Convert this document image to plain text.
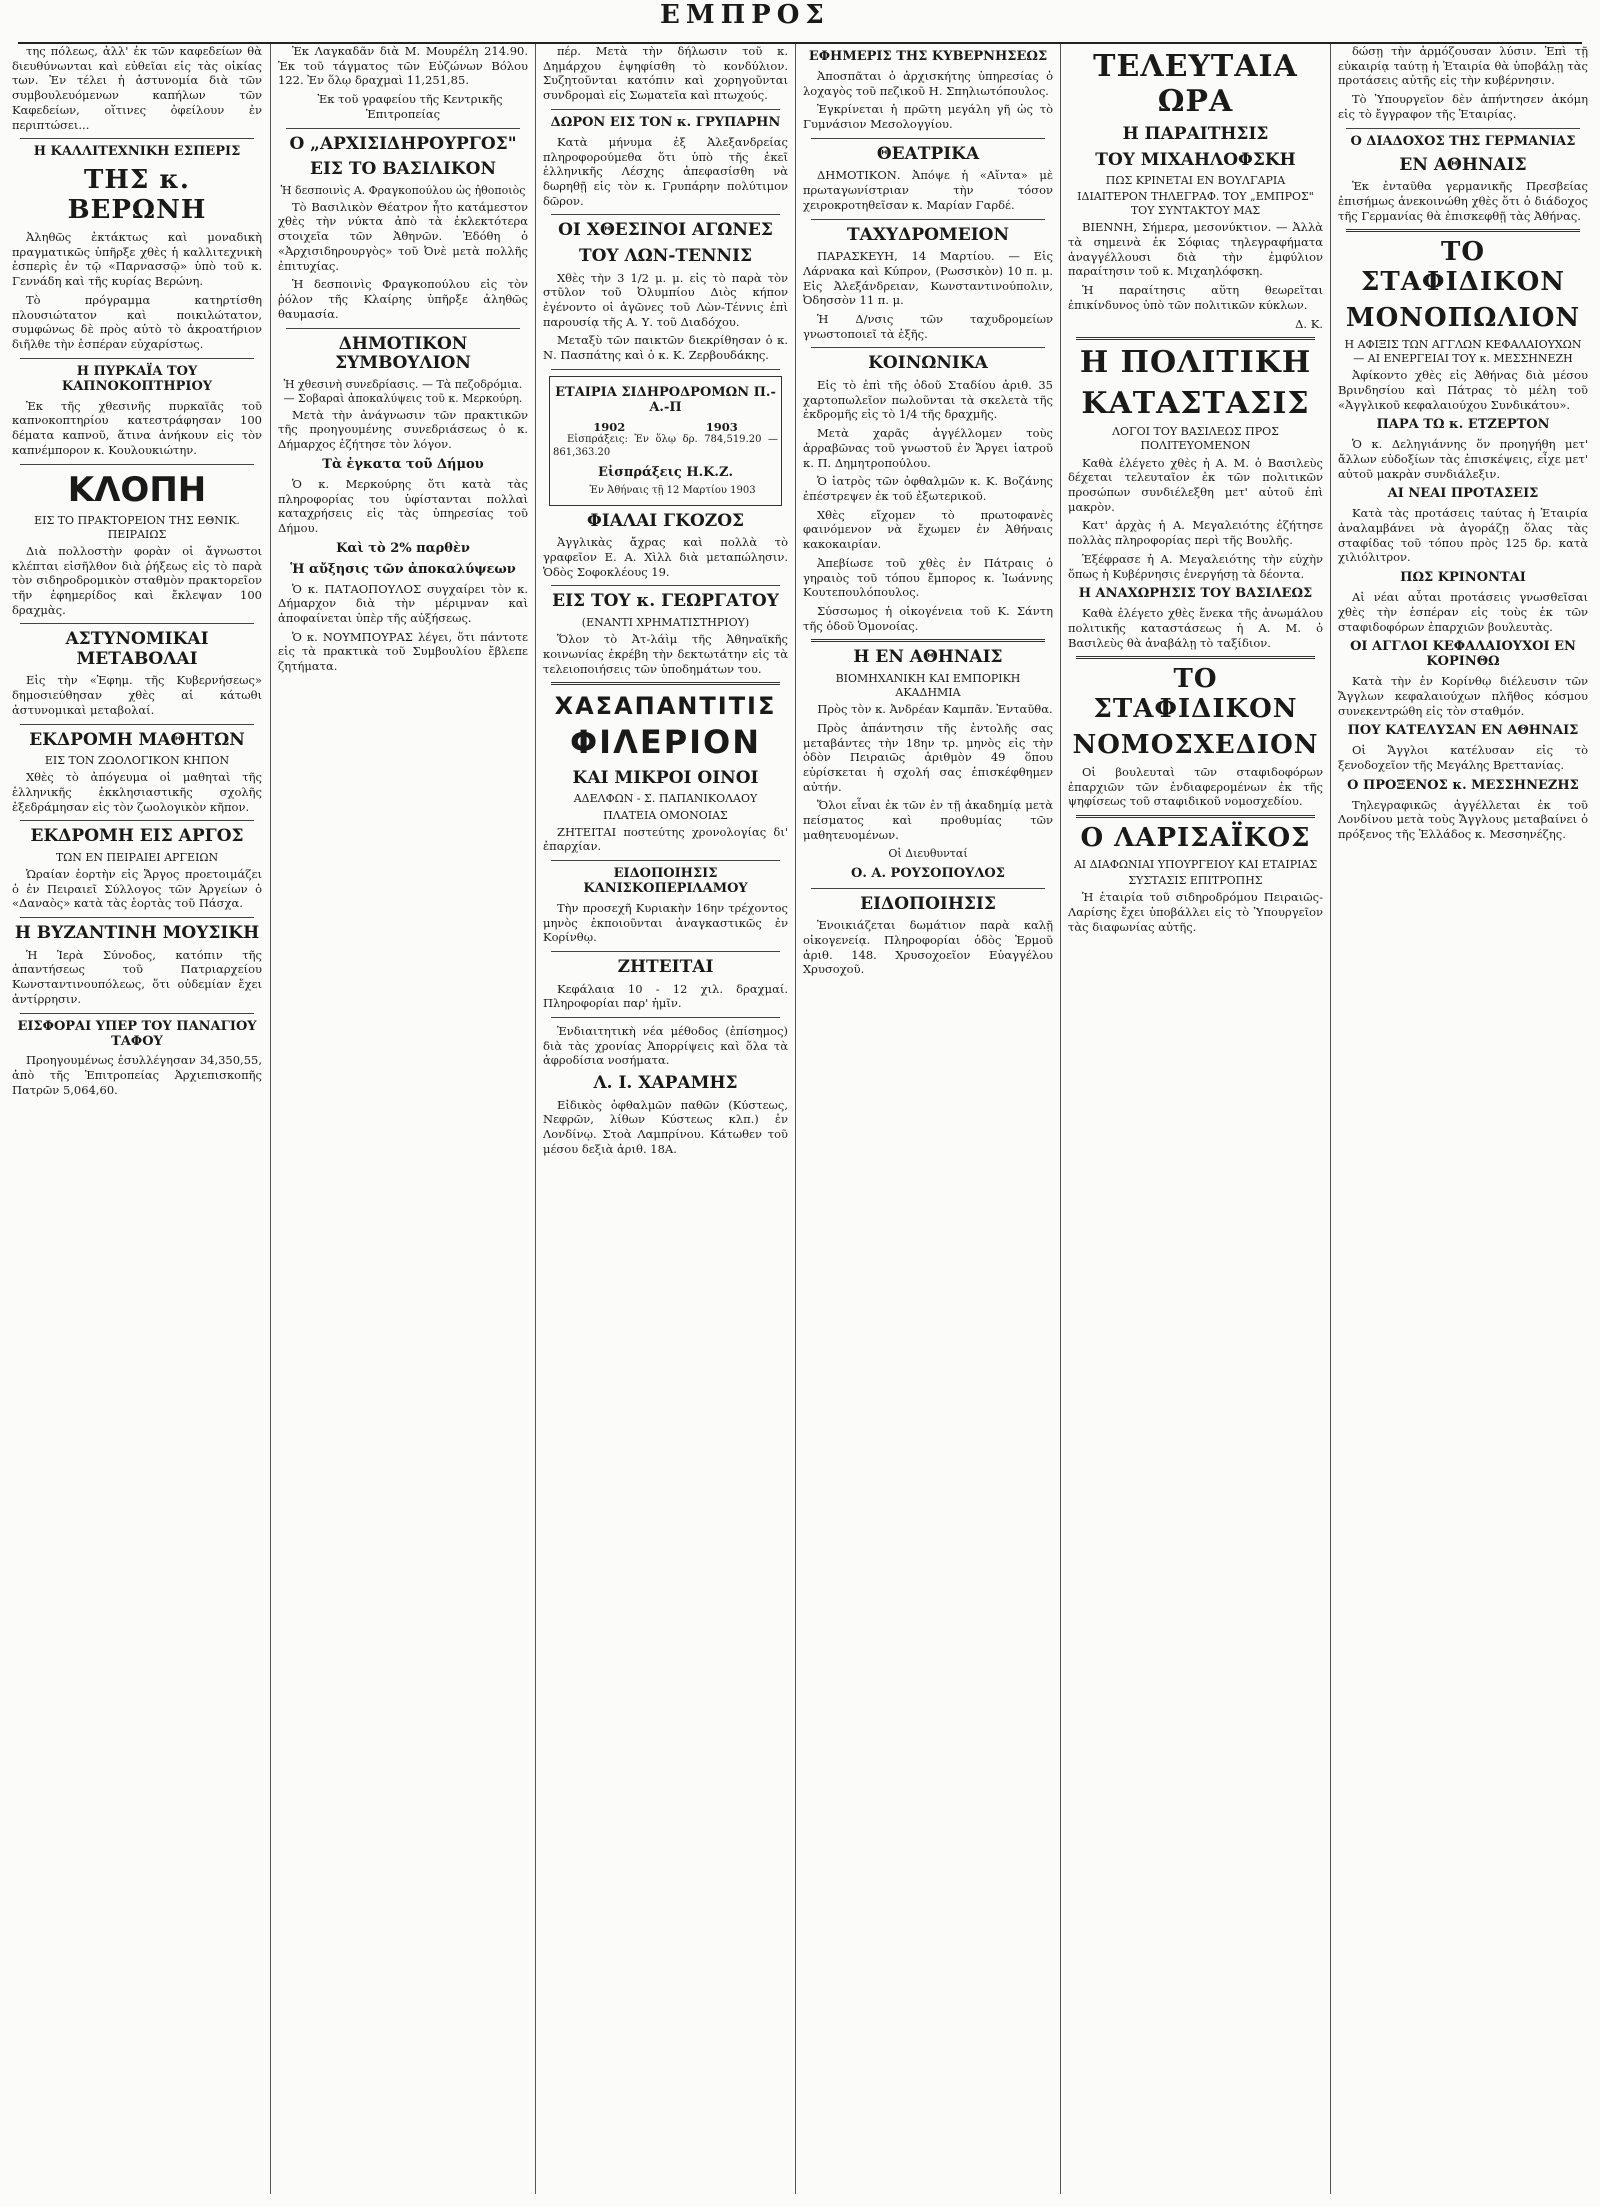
ΕΜΠΡΟΣ

της πόλεως, ἀλλ' ἐκ τῶν καφεδείων θὰ διευθύνωνται καὶ εὐθεῖαι εἰς τὰς οἰκίας των. Ἐν τέλει ἡ ἀστυνομία διὰ τῶν συμβουλευόμενων καπήλων τῶν Καφεδείων, οἵτινες ὀφείλουν ἐν περιπτώσει...

Η ΚΑΛΛΙΤΕΧΝΙΚΗ ΕΣΠΕΡΙΣ
ΤΗΣ κ. ΒΕΡΩΝΗ

Ἀληθῶς ἐκτάκτως καὶ μοναδικὴ πραγματικῶς ὑπῆρξε χθὲς ἡ καλλιτεχνικὴ ἑσπερὶς ἐν τῷ «Παρνασσῷ» ὑπὸ τοῦ κ. Γεννάδη καὶ τῆς κυρίας Βερώνη.

Τὸ πρόγραμμα κατηρτίσθη πλουσιώτατον καὶ ποικιλώτατον, συμφώνως δὲ πρὸς αὐτὸ τὸ ἀκροατήριον διῆλθε τὴν ἑσπέραν εὐχαρίστως.

Η ΠΥΡΚΑΪΑ ΤΟΥ ΚΑΠΝΟΚΟΠΤΗΡΙΟΥ

Ἐκ τῆς χθεσινῆς πυρκαϊᾶς τοῦ καπνοκοπτηρίου κατεστράφησαν 100 δέματα καπνοῦ, ἅτινα ἀνήκουν εἰς τὸν καπνέμπορον κ. Κουλουκιώτην.

ΚΛΟΠΗ
ΕΙΣ ΤΟ ΠΡΑΚΤΟΡΕΙΟΝ ΤΗΣ ΕΘΝΙΚ. ΠΕΙΡΑΙΩΣ

Διὰ πολλοστὴν φορὰν οἱ ἄγνωστοι κλέπται εἰσῆλθον διὰ ῥήξεως εἰς τὸ παρὰ τὸν σιδηροδρομικὸν σταθμὸν πρακτορεῖον τῆν ἐφημερίδος καὶ ἔκλεψαν 100 δραχμὰς.

ΑΣΤΥΝΟΜΙΚΑΙ ΜΕΤΑΒΟΛΑΙ

Εἰς τὴν «Ἐφημ. τῆς Κυβερνήσεως» δημοσιεύθησαν χθὲς αἱ κάτωθι ἀστυνομικαὶ μεταβολαί.

ΕΚΔΡΟΜΗ ΜΑΘΗΤΩΝ
ΕΙΣ ΤΟΝ ΖΩΟΛΟΓΙΚΟΝ ΚΗΠΟΝ

Χθὲς τὸ ἀπόγευμα οἱ μαθηταὶ τῆς ἑλληνικῆς ἐκκλησιαστικῆς σχολῆς ἐξεδράμησαν εἰς τὸν ζωολογικὸν κῆπον.

ΕΚΔΡΟΜΗ ΕΙΣ ΑΡΓΟΣ
ΤΩΝ ΕΝ ΠΕΙΡΑΙΕΙ ΑΡΓΕΙΩΝ

Ὡραίαν ἑορτὴν εἰς Ἄργος προετοιμάζει ὁ ἐν Πειραιεῖ Σύλλογος τῶν Ἀργείων ὁ «Δαναὸς» κατὰ τὰς ἑορτὰς τοῦ Πάσχα.

Η ΒΥΖΑΝΤΙΝΗ ΜΟΥΣΙΚΗ

Ἡ Ἱερὰ Σύνοδος, κατόπιν τῆς ἀπαντήσεως τοῦ Πατριαρχείου Κωνσταντινουπόλεως, ὅτι οὐδεμίαν ἔχει ἀντίρρησιν.

ΕΙΣΦΟΡΑΙ ΥΠΕΡ ΤΟΥ ΠΑΝΑΓΙΟΥ ΤΑΦΟΥ

Προηγουμένως ἐσυλλέγησαν 34,350,55, ἀπὸ τῆς Ἐπιτροπείας Ἀρχιεπισκοπῆς Πατρῶν 5,064,60.

Ἐκ Λαγκαδᾶν διὰ Μ. Μουρέλη 214.90. Ἐκ τοῦ τάγματος τῶν Εὐζώνων Βόλου 122. Ἐν ὅλῳ δραχμαὶ 11,251,85.

Ἐκ τοῦ γραφείου τῆς Κεντρικῆς Ἐπιτροπείας

Ο „ΑΡΧΙΣΙΔΗΡΟΥΡΓΟΣ"
ΕΙΣ ΤΟ ΒΑΣΙΛΙΚΟΝ
Ἡ δεσποινὶς Α. Φραγκοπούλου ὡς ἠθοποιὸς

Τὸ Βασιλικὸν Θέατρον ἦτο κατάμεστον χθὲς τὴν νύκτα ἀπὸ τὰ ἐκλεκτότερα στοιχεῖα τῶν Ἀθηνῶν. Ἐδόθη ὁ «Ἀρχισιδηρουργὸς» τοῦ Ὀνὲ μετὰ πολλῆς ἐπιτυχίας.

Ἡ δεσποινὶς Φραγκοπούλου εἰς τὸν ῥόλον τῆς Κλαίρης ὑπῆρξε ἀληθῶς θαυμασία.

ΔΗΜΟΤΙΚΟΝ ΣΥΜΒΟΥΛΙΟΝ
Ἡ χθεσινὴ συνεδρίασις. — Τὰ πεζοδρόμια. — Σοβαραὶ ἀποκαλύψεις τοῦ κ. Μερκούρη.

Μετὰ τὴν ἀνάγνωσιν τῶν πρακτικῶν τῆς προηγουμένης συνεδριάσεως ὁ κ. Δήμαρχος ἐζήτησε τὸν λόγον.

Τὰ ἐγκατα τοῦ Δήμου

Ὁ κ. Μερκούρης ὅτι κατὰ τὰς πληροφορίας του ὑφίστανται πολλαὶ καταχρήσεις εἰς τὰς ὑπηρεσίας τοῦ Δήμου.

Καὶ τὸ 2% παρθὲν
Ἡ αὔξησις τῶν ἀποκαλύψεων

Ὁ κ. ΠΑΤΑΟΠΟΥΛΟΣ συγχαίρει τὸν κ. Δήμαρχον διὰ τὴν μέριμναν καὶ ἀποφαίνεται ὑπὲρ τῆς αὐξήσεως.

Ὁ κ. ΝΟΥΜΠΟΥΡΑΣ λέγει, ὅτι πάντοτε εἰς τὰ πρακτικὰ τοῦ Συμβουλίου ἔβλεπε ζητήματα.

πέρ. Μετὰ τὴν δήλωσιν τοῦ κ. Δημάρχου ἐψηφίσθη τὸ κονδύλιον. Συζητοῦνται κατόπιν καὶ χορηγοῦνται συνδρομαὶ εἰς Σωματεῖα καὶ πτωχούς.

ΔΩΡΟΝ ΕΙΣ ΤΟΝ κ. ΓΡΥΠΑΡΗΝ

Κατὰ μήνυμα ἐξ Ἀλεξανδρείας πληροφορούμεθα ὅτι ὑπὸ τῆς ἐκεῖ ἑλληνικῆς Λέσχης ἀπεφασίσθη νὰ δωρηθῇ εἰς τὸν κ. Γρυπάρην πολύτιμον δῶρον.

ΟΙ ΧΘΕΣΙΝΟΙ ΑΓΩΝΕΣ
ΤΟΥ ΛΩΝ-ΤΕΝΝΙΣ

Χθὲς τὴν 3 1/2 μ. μ. εἰς τὸ παρὰ τὸν στῦλον τοῦ Ὀλυμπίου Διὸς κήπον ἐγένοντο οἱ ἀγῶνες τοῦ Λὼν-Τέννις ἐπὶ παρουσίᾳ τῆς Α. Υ. τοῦ Διαδόχου.

Μεταξὺ τῶν παικτῶν διεκρίθησαν ὁ κ. Ν. Πασπάτης καὶ ὁ κ. Κ. Ζερβουδάκης.

ΕΤΑΙΡΙΑ ΣΙΔΗΡΟΔΡΟΜΩΝ Π.-Α.-Π
1902	1903

Εἰσπράξεις: Ἐν ὅλῳ δρ. 784,519.20 — 861,363.20

Εἰσπράξεις Η.Κ.Ζ.

Ἐν Ἀθήναις τῇ 12 Μαρτίου 1903

ΦΙΑΛΑΙ ΓΚΟΖΟΣ

Ἀγγλικὰς ἄχρας καὶ πολλὰ τὸ γραφεῖον Ε. Α. Χὶλλ διὰ μεταπώλησιν. Ὁδὸς Σοφοκλέους 19.

ΕΙΣ ΤΟΥ κ. ΓΕΩΡΓΑΤΟΥ
(ΕΝΑΝΤΙ ΧΡΗΜΑΤΙΣΤΗΡΙΟΥ)

Ὅλον τὸ Ἀτ-λάὶμ τῆς Ἀθηναϊκῆς κοινωνίας ἐκρέβη τὴν δεκτωτάτην εἰς τὰ τελειοποιήσεις τῶν ὑποδημάτων του.

ΧΑΣΑΠΑΝΤΙΤΙΣ
ΦΙΛΕΡΙΟΝ
ΚΑΙ ΜΙΚΡΟΙ ΟΙΝΟΙ
ΑΔΕΛΦΩΝ - Σ. ΠΑΠΑΝΙΚΟΛΑΟΥ
ΠΛΑΤΕΙΑ ΟΜΟΝΟΙΑΣ

ΖΗΤΕΙΤΑΙ ποστεύτης χρονολογίας δι' ἐπαρχίαν.

ΕΙΔΟΠΟΙΗΣΙΣ ΚΑΝΙΣΚΟΠΕΡΙΛΑΜΟΥ

Τὴν προσεχῆ Κυριακὴν 16ην τρέχοντος μηνὸς ἐκποιοῦνται ἀναγκαστικῶς ἐν Κορίνθῳ.

ΖΗΤΕΙΤΑΙ

Κεφάλαια 10 - 12 χιλ. δραχμαί. Πληροφορίαι παρ' ἡμῖν.

Ἐνδιαιτητικὴ νέα μέθοδος (ἐπίσημος) διὰ τὰς χρονίας Ἀπορρίψεις καὶ ὅλα τὰ ἀφροδίσια νοσήματα.

Λ. Ι. ΧΑΡΑΜΗΣ

Εἰδικὸς ὀφθαλμῶν παθῶν (Κύστεως, Νεφρῶν, λίθων Κύστεως κλπ.) ἐν Λονδίνῳ. Στοὰ Λαμπρίνου. Κάτωθεν τοῦ μέσου δεξιὰ ἀριθ. 18Α.

ΕΦΗΜΕΡΙΣ ΤΗΣ ΚΥΒΕΡΝΗΣΕΩΣ

Ἀποσπᾶται ὁ ἀρχισκήτης ὑπηρεσίας ὁ λοχαγὸς τοῦ πεζικοῦ Η. Σπηλιωτόπουλος.

Ἐγκρίνεται ἡ πρῶτη μεγάλη γῆ ὡς τὸ Γυμνάσιον Μεσολογγίου.

ΘΕΑΤΡΙΚΑ

ΔΗΜΟΤΙΚΟΝ. Ἀπόψε ἡ «Αἴντα» μὲ πρωταγωνίστριαν τὴν τόσον χειροκροτηθεῖσαν κ. Μαρίαν Γαρδέ.

ΤΑΧΥΔΡΟΜΕΙΟΝ

ΠΑΡΑΣΚΕΥΗ, 14 Μαρτίου. — Εἰς Λάρνακα καὶ Κύπρον, (Ρωσσικὸν) 10 π. μ. Εἰς Ἀλεξάνδρειαν, Κωνσταντινούπολιν, Ὀδησσὸν 11 π. μ.

Ἡ Δ/νσις τῶν ταχυδρομείων γνωστοποιεῖ τὰ ἑξῆς.

ΚΟΙΝΩΝΙΚΑ

Εἰς τὸ ἐπὶ τῆς ὁδοῦ Σταδίου ἀριθ. 35 χαρτοπωλεῖον πωλοῦνται τὰ σκελετὰ τῆς ἐκδρομῆς εἰς τὸ 1/4 τῆς δραχμῆς.

Μετὰ χαρᾶς ἀγγέλλομεν τοὺς ἀρραβῶνας τοῦ γνωστοῦ ἐν Ἄργει ἰατροῦ κ. Π. Δημητροπούλου.

Ὁ ἰατρὸς τῶν ὀφθαλμῶν κ. Κ. Βοζάνης ἐπέστρεψεν ἐκ τοῦ ἐξωτερικοῦ.

Χθὲς εἴχομεν τὸ πρωτοφανὲς φαινόμενον νὰ ἔχωμεν ἐν Ἀθήναις κακοκαιρίαν.

Ἀπεβίωσε τοῦ χθὲς ἐν Πάτραις ὁ γηραιὸς τοῦ τόπου ἔμπορος κ. Ἰωάννης Κουτεπουλόπουλος.

Σύσσωμος ἡ οἰκογένεια τοῦ Κ. Σάντη τῆς ὁδοῦ Ὁμονοίας.

Η ΕΝ ΑΘΗΝΑΙΣ
ΒΙΟΜΗΧΑΝΙΚΗ ΚΑΙ ΕΜΠΟΡΙΚΗ ΑΚΑΔΗΜΙΑ

Πρὸς τὸν κ. Ἀνδρέαν Καμπᾶν. Ἐνταῦθα.

Πρὸς ἀπάντησιν τῆς ἐντολῆς σας μεταβάντες τὴν 18ην τρ. μηνὸς εἰς τὴν ὁδὸν Πειραιῶς ἀριθμὸν 49 ὅπου εὑρίσκεται ἡ σχολή σας ἐπισκέφθημεν αὐτήν.

Ὅλοι εἶναι ἐκ τῶν ἐν τῇ ἀκαδημίᾳ μετὰ πείσματος καὶ προθυμίας τῶν μαθητευομένων.

Οἱ Διευθυνταί
Ο. Α. ΡΟΥΣΟΠΟΥΛΟΣ
ΕΙΔΟΠΟΙΗΣΙΣ

Ἐνοικιάζεται δωμάτιον παρὰ καλῇ οἰκογενείᾳ. Πληροφορίαι ὁδὸς Ἑρμοῦ ἀριθ. 148. Χρυσοχοεῖον Εὐαγγέλου Χρυσοχοῦ.

ΤΕΛΕΥΤΑΙΑ ΩΡΑ
Η ΠΑΡΑΙΤΗΣΙΣ
ΤΟΥ ΜΙΧΑΗΛΟΦΣΚΗ
ΠΩΣ ΚΡΙΝΕΤΑΙ ΕΝ ΒΟΥΛΓΑΡΙΑ
ΙΔΙΑΙΤΕΡΟΝ ΤΗΛΕΓΡΑΦ. ΤΟΥ „ΕΜΠΡΟΣ" ΤΟΥ ΣΥΝΤΑΚΤΟΥ ΜΑΣ

ΒΙΕΝΝΗ, Σήμερα, μεσονύκτιον. — Ἀλλὰ τὰ σημεινὰ ἐκ Σόφιας τηλεγραφήματα ἀναγγέλλουσι διὰ τὴν ἐμφύλιον παραίτησιν τοῦ κ. Μιχαηλόφσκη.

Ἡ παραίτησις αὕτη θεωρεῖται ἐπικίνδυνος ὑπὸ τῶν πολιτικῶν κύκλων.

Δ. Κ.
Η ΠΟΛΙΤΙΚΗ
ΚΑΤΑΣΤΑΣΙΣ
ΛΟΓΟΙ ΤΟΥ ΒΑΣΙΛΕΩΣ ΠΡΟΣ ΠΟΛΙΤΕΥΟΜΕΝΟΝ

Καθὰ ἐλέγετο χθὲς ἡ Α. Μ. ὁ Βασιλεὺς δέχεται τελευταῖον ἐκ τῶν πολιτικῶν προσώπων συνδιέλεξθη μετ' αὐτοῦ ἐπὶ μακρὸν.

Κατ' ἀρχὰς ἡ Α. Μεγαλειότης ἐζήτησε πολλὰς πληροφορίας περὶ τῆς Βουλῆς.

Ἐξέφρασε ἡ Α. Μεγαλειότης τὴν εὐχὴν ὅπως ἡ Κυβέρνησις ἐνεργήσῃ τὰ δέοντα.

Η ΑΝΑΧΩΡΗΣΙΣ ΤΟΥ ΒΑΣΙΛΕΩΣ

Καθὰ ἐλέγετο χθὲς ἕνεκα τῆς ἀνωμάλου πολιτικῆς καταστάσεως ἡ Α. Μ. ὁ Βασιλεὺς θὰ ἀναβάλῃ τὸ ταξίδιον.

ΤΟ ΣΤΑΦΙΔΙΚΟΝ
ΝΟΜΟΣΧΕΔΙΟΝ

Οἱ βουλευταὶ τῶν σταφιδοφόρων ἐπαρχιῶν τῶν ἐνδιαφερομένων ἐκ τῆς ψηφίσεως τοῦ σταφιδικοῦ νομοσχεδίου.

Ο ΛΑΡΙΣΑΪΚΟΣ
ΑΙ ΔΙΑΦΩΝΙΑΙ ΥΠΟΥΡΓΕΙΟΥ ΚΑΙ ΕΤΑΙΡΙΑΣ
ΣΥΣΤΑΣΙΣ ΕΠΙΤΡΟΠΗΣ

Ἡ ἑταιρία τοῦ σιδηροδρόμου Πειραιῶς-Λαρίσης ἔχει ὑποβάλλει εἰς τὸ Ὑπουργεῖον τὰς διαφωνίας αὐτῆς.

δώσῃ τὴν ἁρμόζουσαν λύσιν. Ἐπὶ τῇ εὐκαιρίᾳ ταύτῃ ἡ Ἑταιρία θὰ ὑποβάλῃ τὰς προτάσεις αὐτῆς εἰς τὴν κυβέρνησιν.

Τὸ Ὑπουργεῖον δὲν ἀπήντησεν ἀκόμη εἰς τὸ ἔγγραφον τῆς Ἑταιρίας.

Ο ΔΙΑΔΟΧΟΣ ΤΗΣ ΓΕΡΜΑΝΙΑΣ
ΕΝ ΑΘΗΝΑΙΣ

Ἐκ ἐνταῦθα γερμανικῆς Πρεσβείας ἐπισήμως ἀνεκοινώθη χθὲς ὅτι ὁ διάδοχος τῆς Γερμανίας θὰ ἐπισκεφθῇ τὰς Ἀθήνας.

ΤΟ ΣΤΑΦΙΔΙΚΟΝ
ΜΟΝΟΠΩΛΙΟΝ
Η ΑΦΙΞΙΣ ΤΩΝ ΑΓΓΛΩΝ ΚΕΦΑΛΑΙΟΥΧΩΝ — ΑΙ ΕΝΕΡΓΕΙΑΙ ΤΟΥ κ. ΜΕΣΣΗΝΕΖΗ

Ἀφίκοντο χθὲς εἰς Ἀθήνας διὰ μέσου Βρινδησίου καὶ Πάτρας τὸ μέλη τοῦ «Ἀγγλικοῦ κεφαλαιούχου Συνδικάτου».

ΠΑΡΑ ΤΩ κ. ΕΤΖΕΡΤΟΝ

Ὁ κ. Δεληγιάννης ὅν προηγήθη μετ' ἄλλων εὐδοξίων τὰς ἐπισκέψεις, εἶχε μετ' αὐτοῦ μακρὰν συνδιάλεξιν.

ΑΙ ΝΕΑΙ ΠΡΟΤΑΣΕΙΣ

Κατὰ τὰς προτάσεις ταύτας ἡ Ἑταιρία ἀναλαμβάνει νὰ ἀγοράζῃ ὅλας τὰς σταφίδας τοῦ τόπου πρὸς 125 δρ. κατὰ χιλιόλιτρον.

ΠΩΣ ΚΡΙΝΟΝΤΑΙ

Αἱ νέαι αὗται προτάσεις γνωσθεῖσαι χθὲς τὴν ἑσπέραν εἰς τοὺς ἐκ τῶν σταφιδοφόρων ἐπαρχιῶν βουλευτὰς.

ΟΙ ΑΓΓΛΟΙ ΚΕΦΑΛΑΙΟΥΧΟΙ ΕΝ ΚΟΡΙΝΘΩ

Κατὰ τὴν ἐν Κορίνθῳ διέλευσιν τῶν Ἄγγλων κεφαλαιούχων πλῆθος κόσμου συνεκεντρώθη εἰς τὸν σταθμόν.

ΠΟΥ ΚΑΤΕΛΥΣΑΝ ΕΝ ΑΘΗΝΑΙΣ

Οἱ Ἄγγλοι κατέλυσαν εἰς τὸ ξενοδοχεῖον τῆς Μεγάλης Βρεττανίας.

Ο ΠΡΟΞΕΝΟΣ κ. ΜΕΣΣΗΝΕΖΗΣ

Τηλεγραφικῶς ἀγγέλλεται ἐκ τοῦ Λονδίνου μετὰ τοὺς Ἄγγλους μεταβαίνει ὁ πρόξενος τῆς Ἑλλάδος κ. Μεσσηνέζης.
